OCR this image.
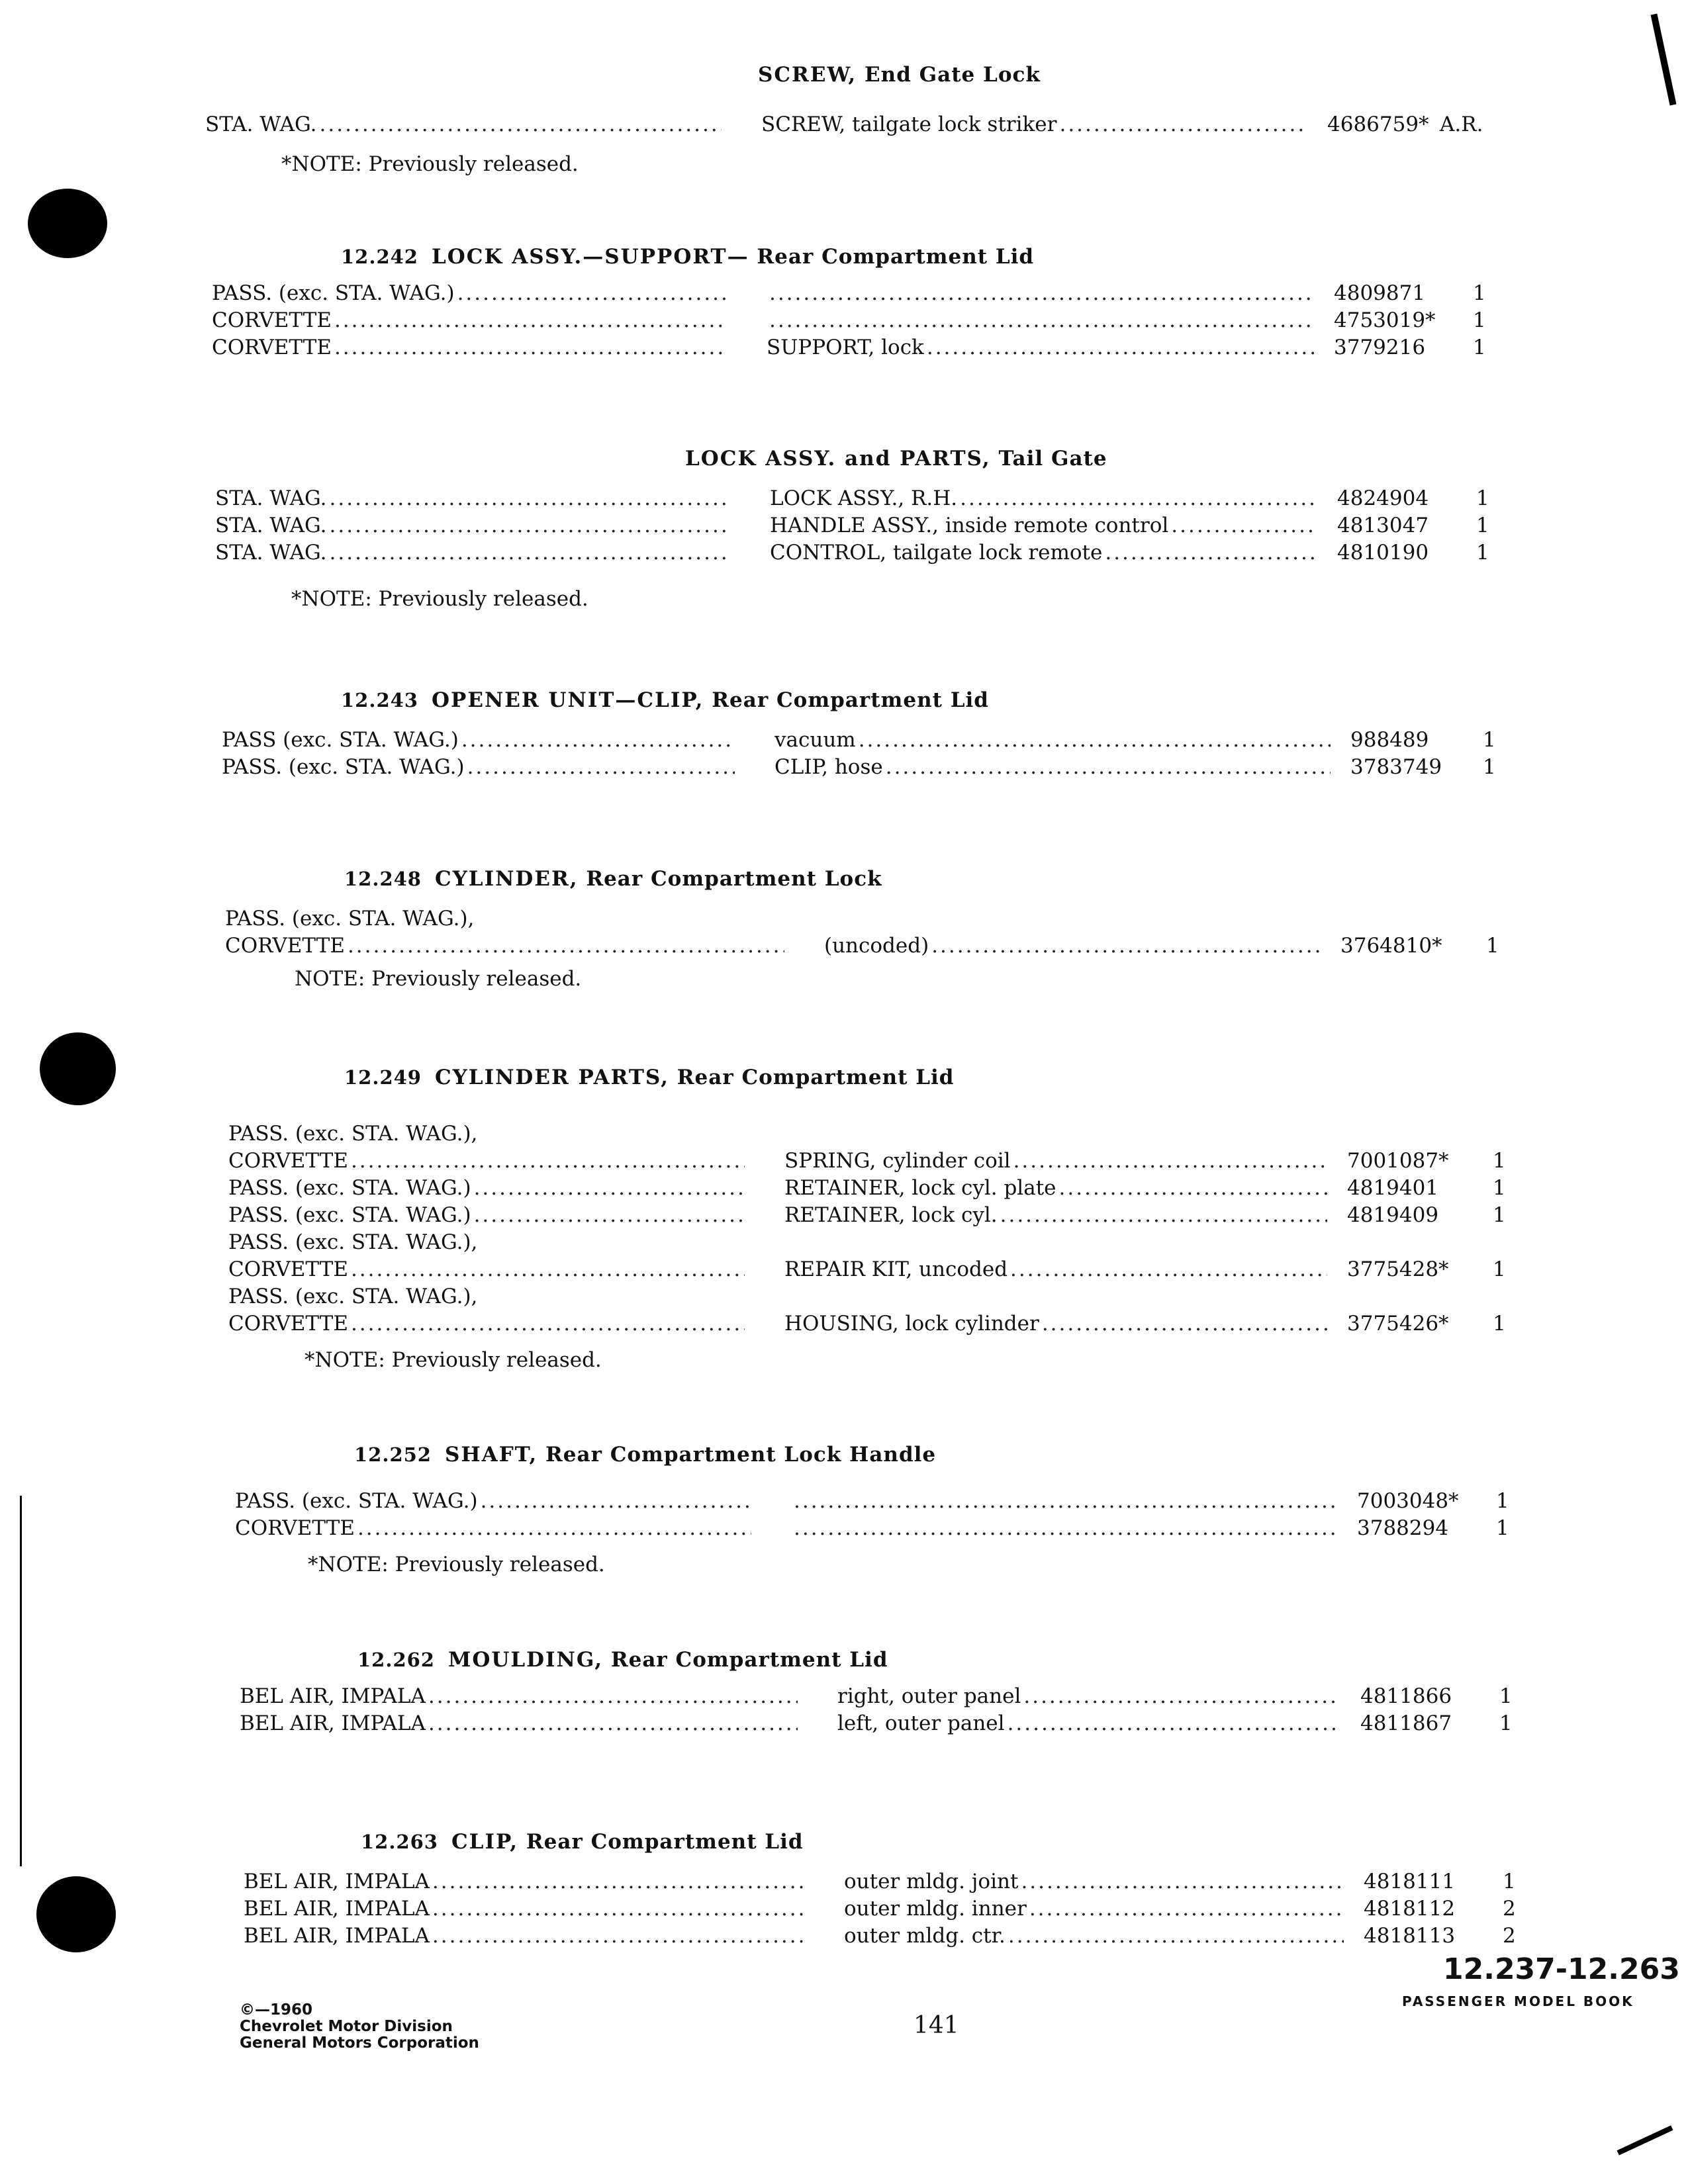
SCREW, End Gate Lock
STA. WAG. .....	SCREW, tailgate lock striker .....	4686759* A.R.
*NOTE: Previously released.
12.242 LOCK ASSY.—SUPPORT— Rear Compartment Lid
PASS. (exc. STA. WAG.) ..... .....	4809871	1
CORVETTE ..... .....	4753019*	1
CORVETTE .....	SUPPORT, lock .....	3779216	1
LOCK ASSY. and PARTS, Tail Gate
STA. WAG. .....	LOCK ASSY., R.H. .....	4824904	1
STA. WAG. .....	HANDLE ASSY., inside remote control .....	4813047	1
STA. WAG. .....	CONTROL, tailgate lock remote .....	4810190	1
*NOTE: Previously released.
12.243 OPENER UNIT—CLIP, Rear Compartment Lid
PASS (exc. STA. WAG.) .....	vacuum .....	988489	1
PASS. (exc. STA. WAG.) .....	CLIP, hose .....	3783749	1
12.248 CYLINDER, Rear Compartment Lock
PASS. (exc. STA. WAG.),
CORVETTE .....	(uncoded) .....	3764810*	1
NOTE: Previously released.
12.249 CYLINDER PARTS, Rear Compartment Lid
PASS. (exc. STA. WAG.),
CORVETTE .....	SPRING, cylinder coil .....	7001087*	1
PASS. (exc. STA. WAG.) .....	RETAINER, lock cyl. plate .....	4819401	1
PASS. (exc. STA. WAG.) .....	RETAINER, lock cyl. .....	4819409	1
PASS. (exc. STA. WAG.),
CORVETTE .....	REPAIR KIT, uncoded .....	3775428*	1
PASS. (exc. STA. WAG.),
CORVETTE .....	HOUSING, lock cylinder .....	3775426*	1
*NOTE: Previously released.
12.252 SHAFT, Rear Compartment Lock Handle
PASS. (exc. STA. WAG.) ..... .....	7003048*	1
CORVETTE ..... .....	3788294	1
*NOTE: Previously released.
12.262 MOULDING, Rear Compartment Lid
BEL AIR, IMPALA .....	right, outer panel .....	4811866	1
BEL AIR, IMPALA .....	left, outer panel .....	4811867	1
12.263 CLIP, Rear Compartment Lid
BEL AIR, IMPALA .....	outer mldg. joint .....	4818111	1
BEL AIR, IMPALA .....	outer mldg. inner .....	4818112	2
BEL AIR, IMPALA .....	outer mldg. ctr. .....	4818113	2
©—1960
Chevrolet Motor Division
General Motors Corporation
141
12.237-12.263
PASSENGER MODEL BOOK
